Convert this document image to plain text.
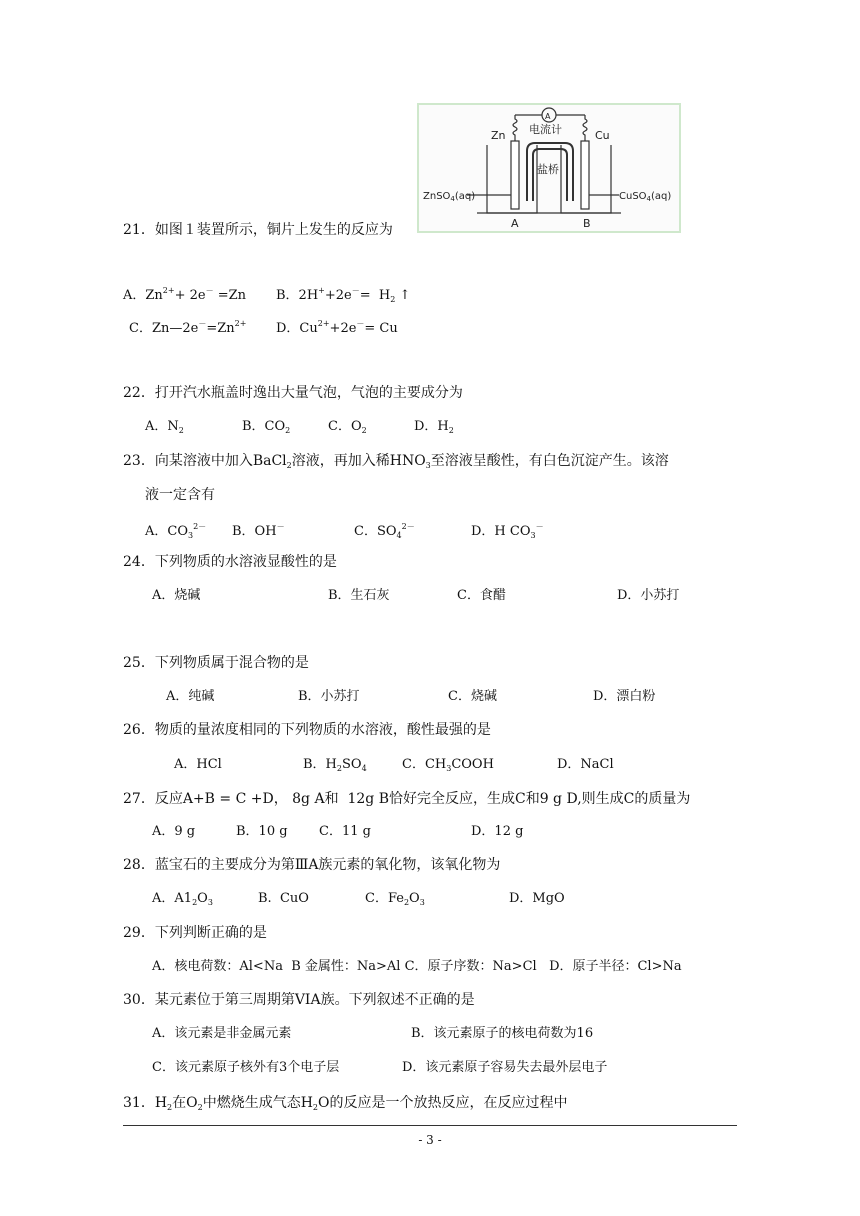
A
电流计
Zn	Cu
盐桥
ZnSO$_4$(aq)	CuSO$_4$(aq)
A	B
21．如图１装置所示，铜片上发生的反应为
A．$Zn^{2+}+ 2e^- =Zn$ B．$2H^++2e^-= H_2$ ↑
C．$Zn—2e^-=Zn^{2+}$ D．$Cu^{2+}+2e^-= Cu$
22．打开汽水瓶盖时逸出大量气泡，气泡的主要成分为
A．$N_2$	B．$CO_2$	C．$O_2$	D．$H_2$
23．向某溶液中加入BaCl$_2$溶液，再加入稀$HNO_3$至溶液呈酸性，有白色沉淀产生。该溶
液一定含有
A．$CO_3^{2-}$ B．OH－	C．$SO_4^{2-}$	D．H $CO_3^-$
24．下列物质的水溶液显酸性的是
A．烧碱	B．生石灰	C．食醋	D．小苏打
25．下列物质属于混合物的是
A．纯碱	B．小苏打	C．烧碱	D．漂白粉
26．物质的量浓度相同的下列物质的水溶液，酸性最强的是
A．HCl	B．$H_2SO_4$	C．$CH_3COOH$	D．NaCl
27．反应A+B = C +D， 8g A和  12g B恰好完全反应，生成C和9 g D,则生成C的质量为
A．9 g	B．10 g C．11 g	D．12 g
28．蓝宝石的主要成分为第ⅢA族元素的氧化物，该氧化物为
A．$A1_2O_3$	B.  CuO	C．$Fe_2O_3$	D．MgO
29．下列判断正确的是
A．核电荷数：Al<Na  B 金属性：Na>Al C．原子序数：Na>Cl   D．原子半径：Cl>Na
30．某元素位于第三周期第VIA族。下列叙述不正确的是
A．该元素是非金属元素	B．该元素原子的核电荷数为16
C．该元素原子核外有3个电子层	D．该元素原子容易失去最外层电子
31．$H_2$在$O_2$中燃烧生成气态$H_2O$的反应是一个放热反应，在反应过程中
- 3 -
